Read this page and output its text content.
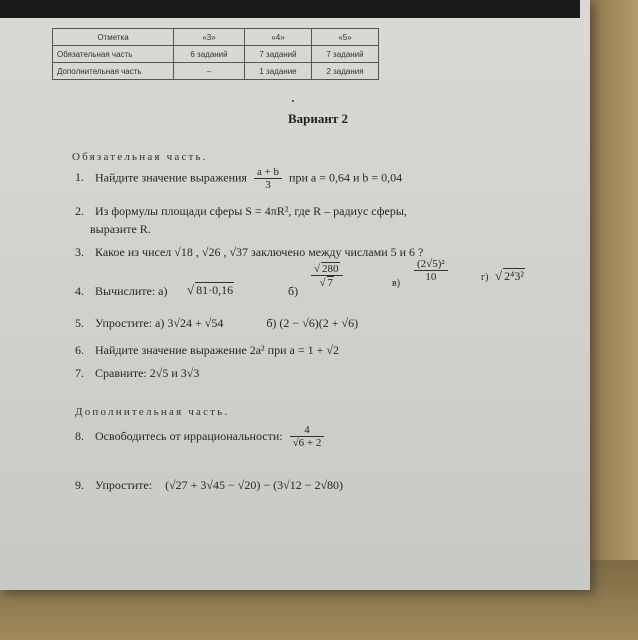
Отметка	«3»	«4»	«5»
Обязательная часть	6 заданий	7 заданий	7 заданий
Дополнительная часть	–	1 задание	2 задания
Вариант 2
Обязательная часть.
1. Найдите значение выражения $\frac{a + b}{3}$ при a = 0,64 и b = 0,04
2. Из формулы площади сферы S = 4πR², где R – радиус сферы,
выразите R.
3. Какое из чисел √18 , √26 , √37 заключено между числами 5 и 6 ?
4. Вычислите: а) √ 81·0,16	б)
$\frac{√ 280}{√ 7}$	в)
$\frac{\text{(2√5)²}}{10}$	г) √ 2⁴3²
5. Упростите: а) 3√24 + √54	б) (2 − √6)(2 + √6)
6. Найдите значение выражение 2a² при a = 1 + √2
7. Сравните: 2√5 и 3√3
Дополнительная часть.
8. Освободитесь от иррациональности: $\frac{4}{√6 + 2}$
9. Упростите: (√27 + 3√45 − √20) − (3√12 − 2√80)
